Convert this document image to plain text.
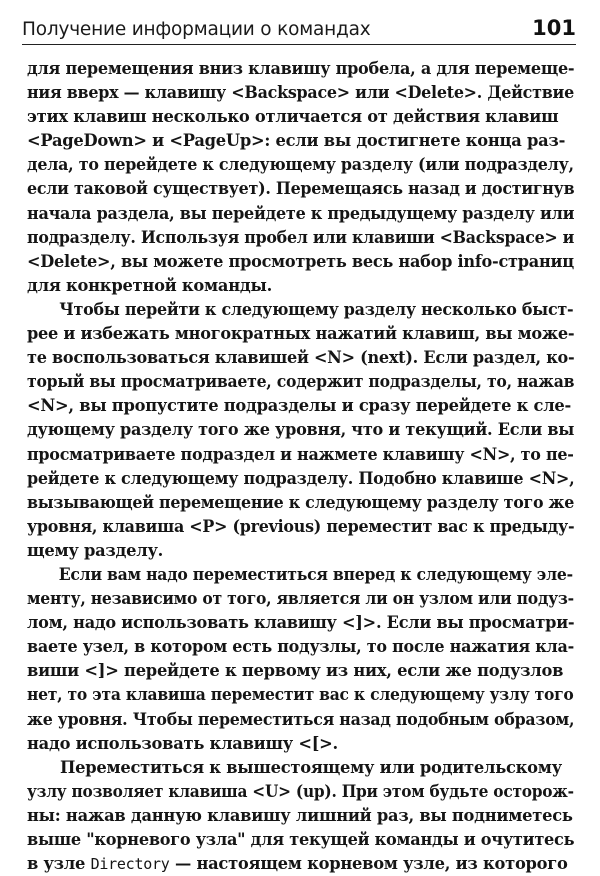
Получение информации о командах	101
для перемещения вниз клавишу пробела, а для перемеще-
ния вверх — клавишу <Backspace> или <Delete>. Действие
этих клавиш несколько отличается от действия клавиш
<PageDown> и <PageUp>: если вы достигнете конца раз-
дела, то перейдете к следующему разделу (или подразделу,
если таковой существует). Перемещаясь назад и достигнув
начала раздела, вы перейдете к предыдущему разделу или
подразделу. Используя пробел или клавиши <Backspace> и
<Delete>, вы можете просмотреть весь набор info-страниц
для конкретной команды.
Чтобы перейти к следующему разделу несколько быст-
рее и избежать многократных нажатий клавиш, вы може-
те воспользоваться клавишей <N> (next). Если раздел, ко-
торый вы просматриваете, содержит подразделы, то, нажав
<N>, вы пропустите подразделы и сразу перейдете к сле-
дующему разделу того же уровня, что и текущий. Если вы
просматриваете подраздел и нажмете клавишу <N>, то пе-
рейдете к следующему подразделу. Подобно клавише <N>,
вызывающей перемещение к следующему разделу того же
уровня, клавиша <P> (previous) переместит вас к предыду-
щему разделу.
Если вам надо переместиться вперед к следующему эле-
менту, независимо от того, является ли он узлом или подуз-
лом, надо использовать клавишу <]>. Если вы просматри-
ваете узел, в котором есть подузлы, то после нажатия кла-
виши <]> перейдете к первому из них, если же подузлов
нет, то эта клавиша переместит вас к следующему узлу того
же уровня. Чтобы переместиться назад подобным образом,
надо использовать клавишу <[>.
Переместиться к вышестоящему или родительскому
узлу позволяет клавиша <U> (up). При этом будьте осторож-
ны: нажав данную клавишу лишний раз, вы подниметесь
выше "корневого узла" для текущей команды и очутитесь
в узле Directory — настоящем корневом узле, из которого
